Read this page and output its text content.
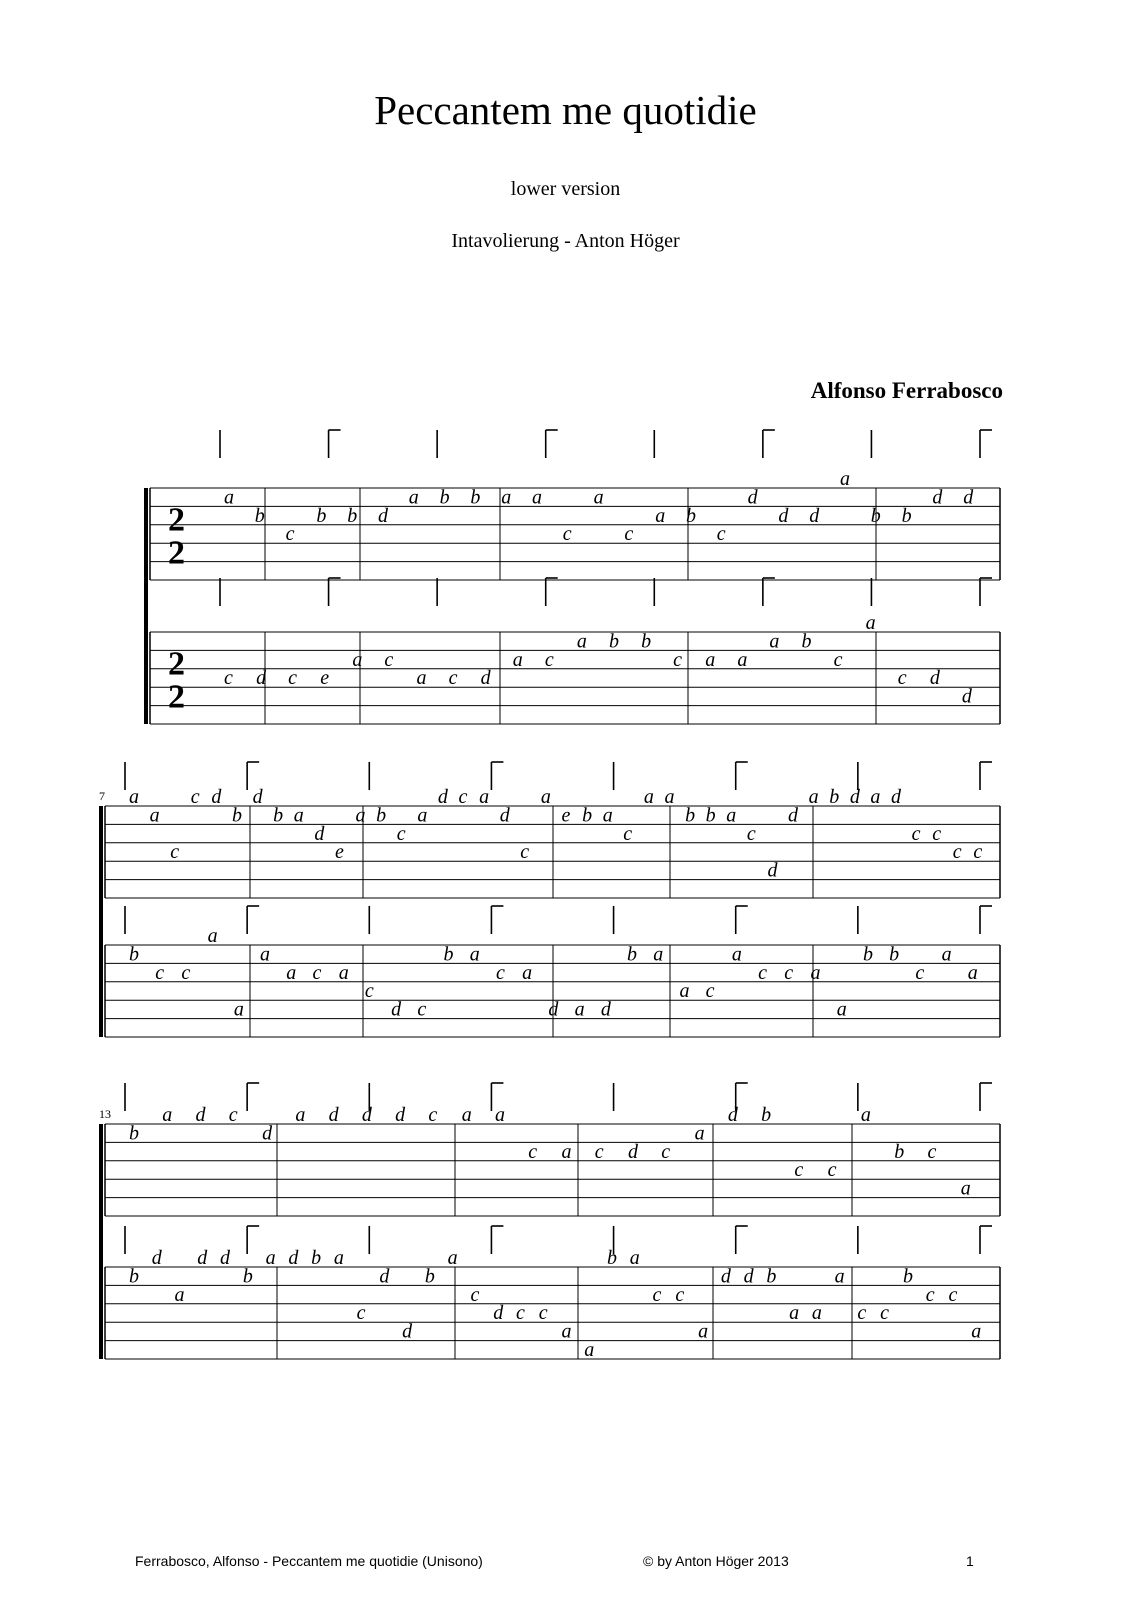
Peccantem me quotidie
lower version
Intavolierung - Anton Höger
Alfonso Ferrabosco
2
2
a
b
c
b b d
a b b a a
c
a
c
a b
c
d
d d
a
b b
d d
2
2
c d c e
a c
a c d
a c
a b b
c a a
a b
c
a
c d
d
7 a
a
c
c d
b
d
b a
d
e
a b
c
a
d c a
d
c
a
e b a
c
a a
b b a
c
d
d
a b d a d
c c
c c
b
c c
a
a
a
a c a
c
d c
b a
c a
d a d
b a
a c
a
c c a
a
b b
c
a
a
13
b
a d c
d
a d d d c a a
c a c d c
a
d b
c c
a
b c
a
b
d
a
d d
b
a d b a
c
d
d
b
a
c
d c c
a
a
b a
c c
a
d d b
a a
a
c c
b
c c
a
Ferrabosco, Alfonso - Peccantem me quotidie (Unisono)	© by Anton Höger 2013	1
